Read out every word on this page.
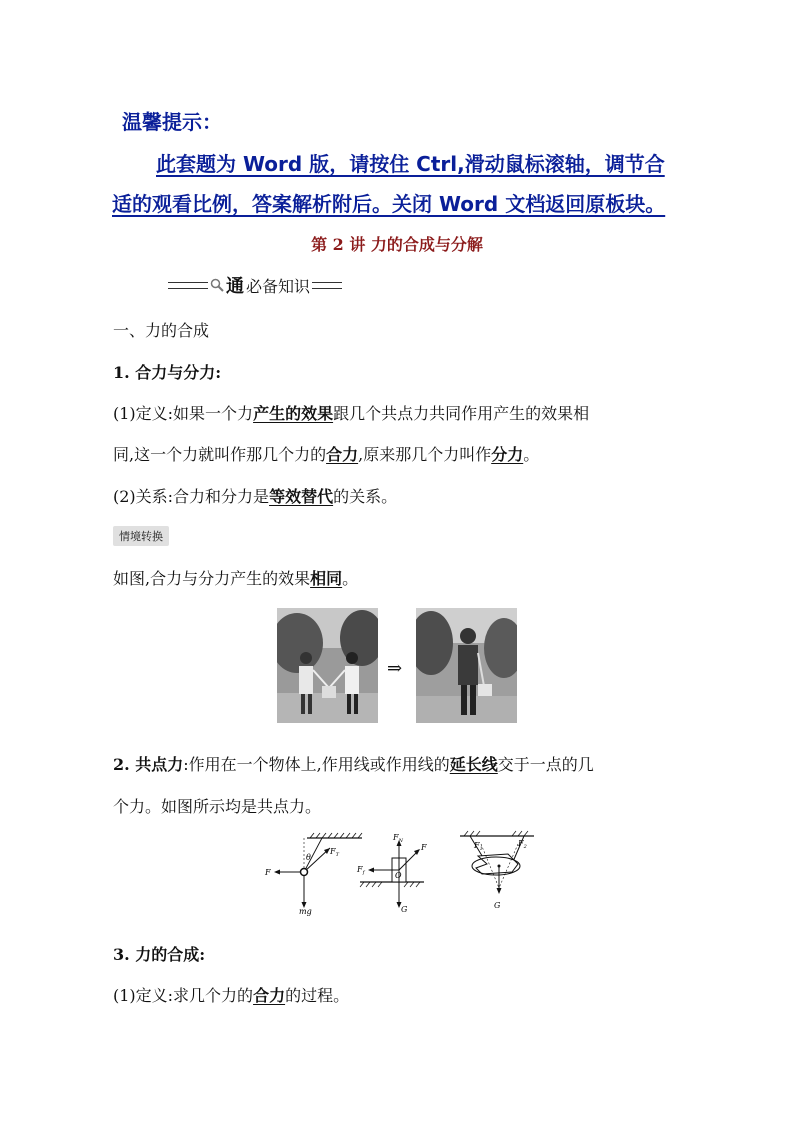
温馨提示：
此套题为 Word 版，请按住 Ctrl,滑动鼠标滚轴，调节合
适的观看比例，答案解析附后。关闭 Word 文档返回原板块。
第 2 讲 力的合成与分解
通 必备知识
一、力的合成
1. 合力与分力:
(1)定义:如果一个力产生的效果跟几个共点力共同作用产生的效果相
同,这一个力就叫作那几个力的合力,原来那几个力叫作分力。
(2)关系:合力和分力是等效替代的关系。
情境转换
如图,合力与分力产生的效果相同。
⇒
2. 共点力:作用在一个物体上,作用线或作用线的延长线交于一点的几
个力。如图所示均是共点力。
F
$F_T$
θ
mg
$F_N$
F
$F_f$	O
G
$F_1$
$F_2$
G
3. 力的合成:
(1)定义:求几个力的合力的过程。
